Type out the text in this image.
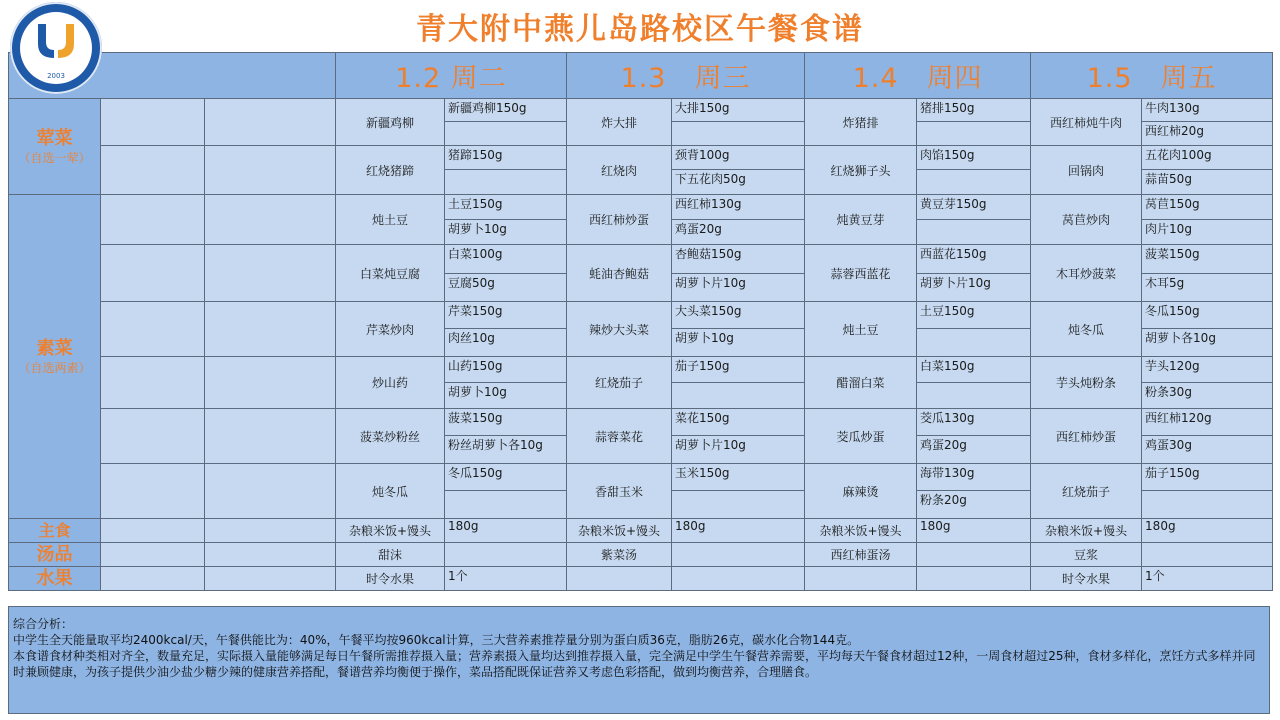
2003
青大附中燕儿岛路校区午餐食谱
			1.2 周二		1.3　周三		1.4　周四		1.5　周五	

荤菜
（自选一荤）			新疆鸡柳	新疆鸡柳150g	炸大排	大排150g	炸猪排	猪排150g	西红柿炖牛肉	牛肉130g
										西红柿20g
			红烧猪蹄	猪蹄150g	红烧肉	颈背100g	红烧狮子头	肉馅150g	回锅肉	五花肉100g
						下五花肉50g				蒜苗50g

素菜
（自选两素）			炖土豆	土豆150g	西红柿炒蛋	西红柿130g	炖黄豆芽	黄豆芽150g	莴苣炒肉	莴苣150g
				胡萝卜10g		鸡蛋20g				肉片10g
			白菜炖豆腐	白菜100g	蚝油杏鲍菇	杏鲍菇150g	蒜蓉西蓝花	西蓝花150g	木耳炒菠菜	菠菜150g
				豆腐50g		胡萝卜片10g		胡萝卜片10g		木耳5g
			芹菜炒肉	芹菜150g	辣炒大头菜	大头菜150g	炖土豆	土豆150g	炖冬瓜	冬瓜150g
				肉丝10g		胡萝卜10g				胡萝卜各10g
			炒山药	山药150g	红烧茄子	茄子150g	醋溜白菜	白菜150g	芋头炖粉条	芋头120g
				胡萝卜10g						粉条30g
			菠菜炒粉丝	菠菜150g	蒜蓉菜花	菜花150g	茭瓜炒蛋	茭瓜130g	西红柿炒蛋	西红柿120g
				粉丝胡萝卜各10g		胡萝卜片10g		鸡蛋20g		鸡蛋30g
			炖冬瓜	冬瓜150g	香甜玉米	玉米150g	麻辣烫	海带130g	红烧茄子	茄子150g
								粉条20g		
主食			杂粮米饭+馒头	180g	杂粮米饭+馒头	180g	杂粮米饭+馒头	180g	杂粮米饭+馒头	180g
汤品			甜沫		紫菜汤		西红柿蛋汤		豆浆	
水果			时令水果	1个					时令水果	1个

综合分析：

中学生全天能量取平均2400kcal/天，午餐供能比为：40%，午餐平均按960kcal计算，三大营养素推荐量分别为蛋白质36克，脂肪26克，碳水化合物144克。

本食谱食材种类相对齐全，数量充足，实际摄入量能够满足每日午餐所需推荐摄入量；营养素摄入量均达到推荐摄入量，完全满足中学生午餐营养需要，平均每天午餐食材超过12种，一周食材超过25种，食材多样化，烹饪方式多样并同时兼顾健康，为孩子提供少油少盐少糖少辣的健康营养搭配，餐谱营养均衡便于操作，菜品搭配既保证营养又考虑色彩搭配，做到均衡营养，合理膳食。
